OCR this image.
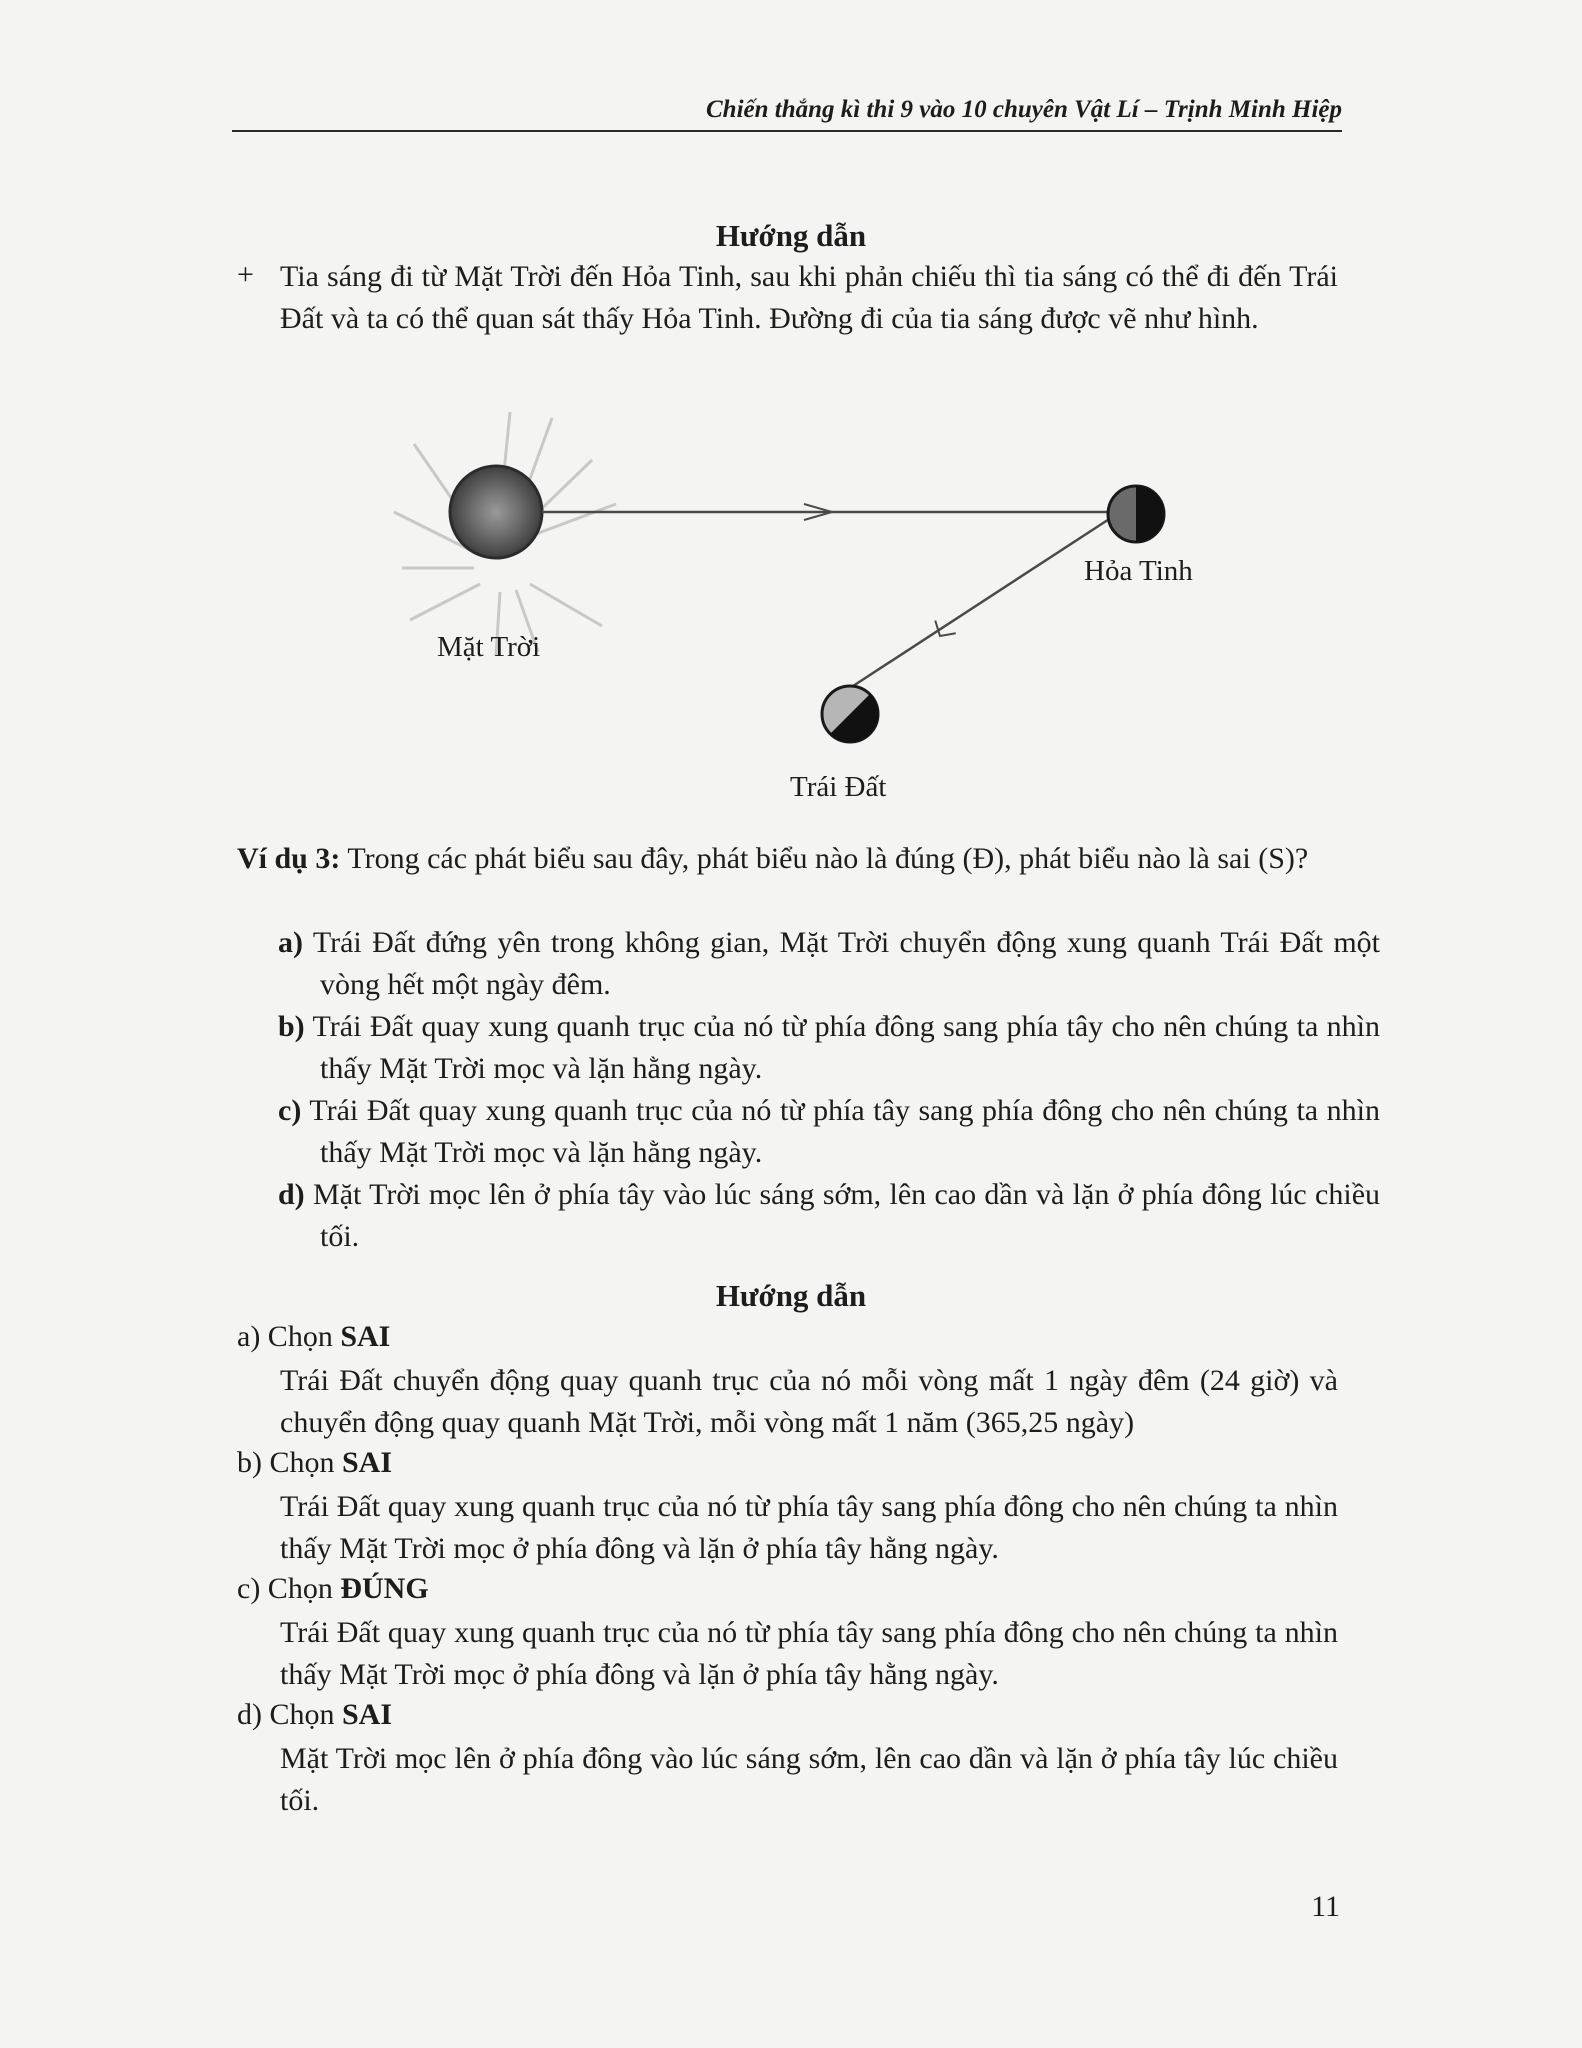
Chiến thắng kì thi 9 vào 10 chuyên Vật Lí – Trịnh Minh Hiệp
Hướng dẫn
+ Tia sáng đi từ Mặt Trời đến Hỏa Tinh, sau khi phản chiếu thì tia sáng có thể đi đến Trái Đất và ta có thể quan sát thấy Hỏa Tinh. Đường đi của tia sáng được vẽ như hình.
Mặt Trời
Hỏa Tinh
Trái Đất
Ví dụ 3: Trong các phát biểu sau đây, phát biểu nào là đúng (Đ), phát biểu nào là sai (S)?
a) Trái Đất đứng yên trong không gian, Mặt Trời chuyển động xung quanh Trái Đất một vòng hết một ngày đêm.
b) Trái Đất quay xung quanh trục của nó từ phía đông sang phía tây cho nên chúng ta nhìn thấy Mặt Trời mọc và lặn hằng ngày.
c) Trái Đất quay xung quanh trục của nó từ phía tây sang phía đông cho nên chúng ta nhìn thấy Mặt Trời mọc và lặn hằng ngày.
d) Mặt Trời mọc lên ở phía tây vào lúc sáng sớm, lên cao dần và lặn ở phía đông lúc chiều tối.
Hướng dẫn
a) Chọn SAI
Trái Đất chuyển động quay quanh trục của nó mỗi vòng mất 1 ngày đêm (24 giờ) và chuyển động quay quanh Mặt Trời, mỗi vòng mất 1 năm (365,25 ngày)
b) Chọn SAI
Trái Đất quay xung quanh trục của nó từ phía tây sang phía đông cho nên chúng ta nhìn thấy Mặt Trời mọc ở phía đông và lặn ở phía tây hằng ngày.
c) Chọn ĐÚNG
Trái Đất quay xung quanh trục của nó từ phía tây sang phía đông cho nên chúng ta nhìn thấy Mặt Trời mọc ở phía đông và lặn ở phía tây hằng ngày.
d) Chọn SAI
Mặt Trời mọc lên ở phía đông vào lúc sáng sớm, lên cao dần và lặn ở phía tây lúc chiều tối.
11
